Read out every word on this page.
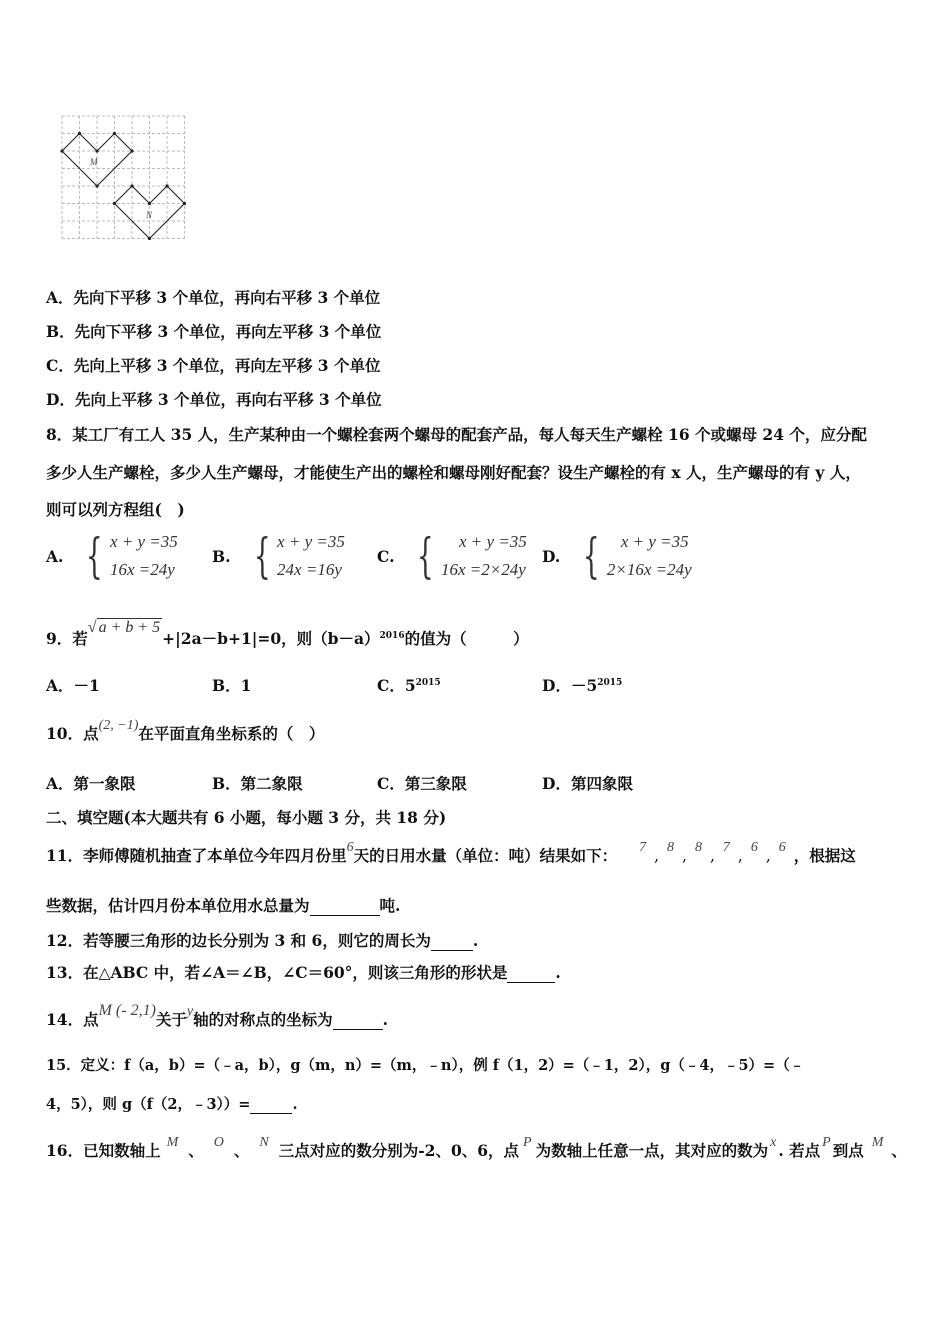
M
N
A．先向下平移 3 个单位，再向右平移 3 个单位
B．先向下平移 3 个单位，再向左平移 3 个单位
C．先向上平移 3 个单位，再向左平移 3 个单位
D．先向上平移 3 个单位，再向右平移 3 个单位
8．某工厂有工人 35 人，生产某种由一个螺栓套两个螺母的配套产品，每人每天生产螺栓 16 个或螺母 24 个，应分配
多少人生产螺栓，多少人生产螺母，才能使生产出的螺栓和螺母刚好配套？设生产螺栓的有 x 人，生产螺母的有 y 人，
则可以列方程组(　)
A. { x + y =35
16x =24y
B. { x + y =35
24x =16y
C. {	x + y =35
16x =2×24y
D. {	x + y =35
2×16x =24y
9．若√ a + b + 5+|2a－b+1|=0，则$(b-a)^{2016}$的值为（　　　）
A．－1	B．1	C．$5^{2015}$	D．$-5^{2015}$
10．点(2, −1)在平面直角坐标系的（　）
A．第一象限	B．第二象限	C．第三象限	D．第四象限
二、填空题(本大题共有 6 小题，每小题 3 分，共 18 分)
11．李师傅随机抽查了本单位今年四月份里6天的日用水量（单位：吨）结果如下： 7 , 8 , 8 , 7 , 6 , 6 ，根据这
些数据，估计四月份本单位用水总量为	吨.
12．若等腰三角形的边长分别为 3 和 6，则它的周长为	.
13．在△ABC 中，若∠A＝∠B，∠C＝60°，则该三角形的形状是	.
14．点M (- 2,1)关于y轴的对称点的坐标为	.
15．定义：f（a，b）=（﹣a，b），g（m，n）=（m，﹣n），例 f（1，2）=（﹣1，2），g（﹣4，﹣5）=（﹣
4，5），则 g（f（2，﹣3））=	.
16．已知数轴上 M 、 O 、 N 三点对应的数分别为-2、0、6，点 P 为数轴上任意一点，其对应的数为 x . 若点 P 到点 M 、
